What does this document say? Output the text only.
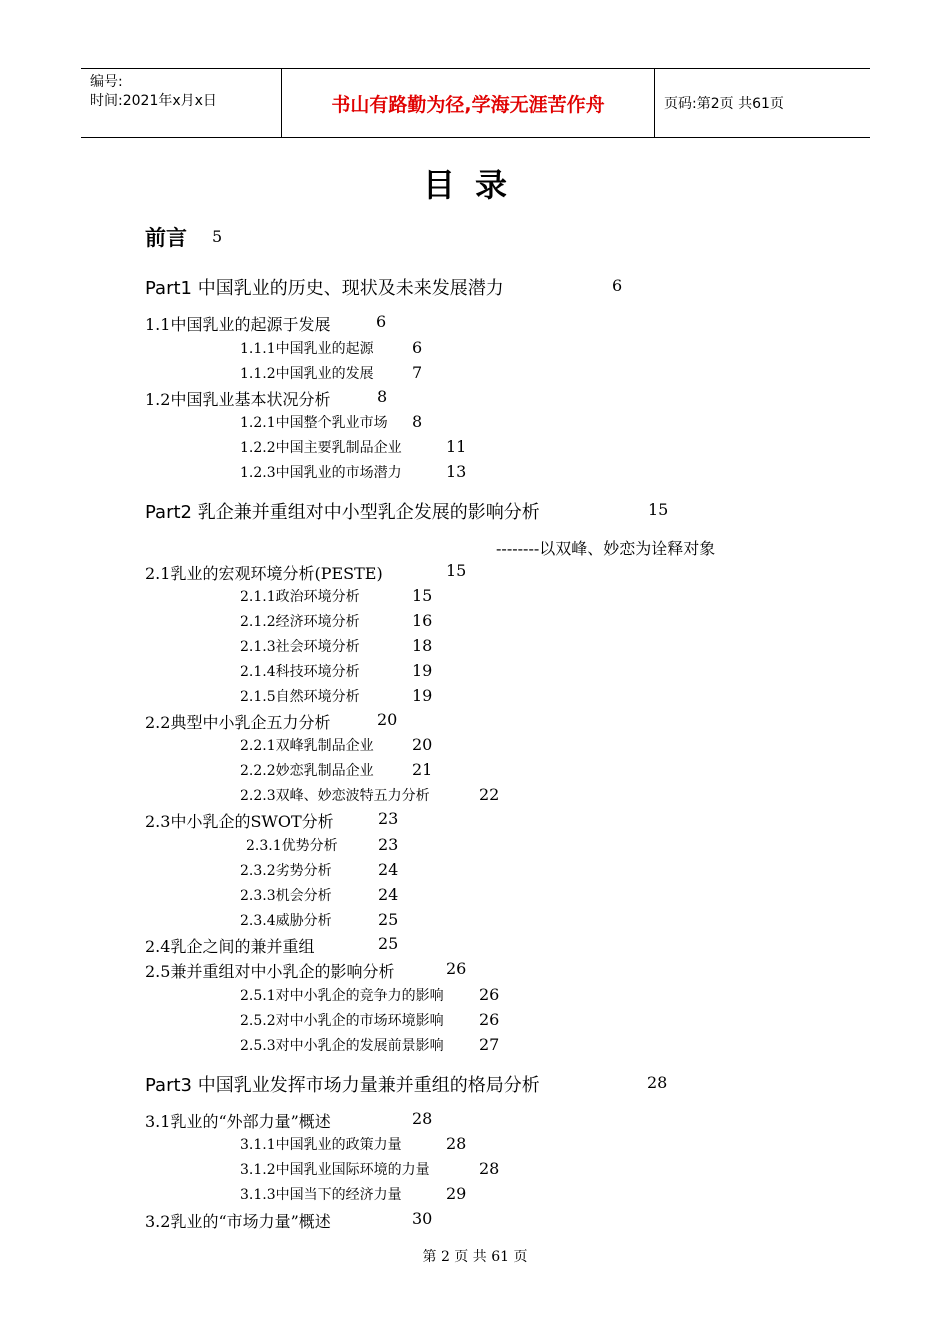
编号:
时间:2021年x月x日	书山有路勤为径,学海无涯苦作舟	页码:第2页 共61页
目录
前言 5
Part1 中国乳业的历史、现状及未来发展潜力	6
1.1中国乳业的起源于发展	6
1.1.1中国乳业的起源 6
1.1.2中国乳业的发展 7
1.2中国乳业基本状况分析	8
1.2.1中国整个乳业市场 8
1.2.2中国主要乳制品企业	11
1.2.3中国乳业的市场潜力	13
Part2 乳企兼并重组对中小型乳企发展的影响分析	15
--------以双峰、妙恋为诠释对象
2.1乳业的宏观环境分析(PESTE)	15
2.1.1政治环境分析	15
2.1.2经济环境分析	16
2.1.3社会环境分析	18
2.1.4科技环境分析	19
2.1.5自然环境分析	19
2.2典型中小乳企五力分析	20
2.2.1双峰乳制品企业 20
2.2.2妙恋乳制品企业 21
2.2.3双峰、妙恋波特五力分析	22
2.3中小乳企的SWOT分析	23
2.3.1优势分析	23
2.3.2劣势分析	24
2.3.3机会分析	24
2.3.4威胁分析	25
2.4乳企之间的兼并重组	25
2.5兼并重组对中小乳企的影响分析	26
2.5.1对中小乳企的竞争力的影响 26
2.5.2对中小乳企的市场环境影响 26
2.5.3对中小乳企的发展前景影响 27
Part3 中国乳业发挥市场力量兼并重组的格局分析	28
3.1乳业的“外部力量”概述	28
3.1.1中国乳业的政策力量	28
3.1.2中国乳业国际环境的力量	28
3.1.3中国当下的经济力量	29
3.2乳业的“市场力量”概述	30
第 2 页 共 61 页
